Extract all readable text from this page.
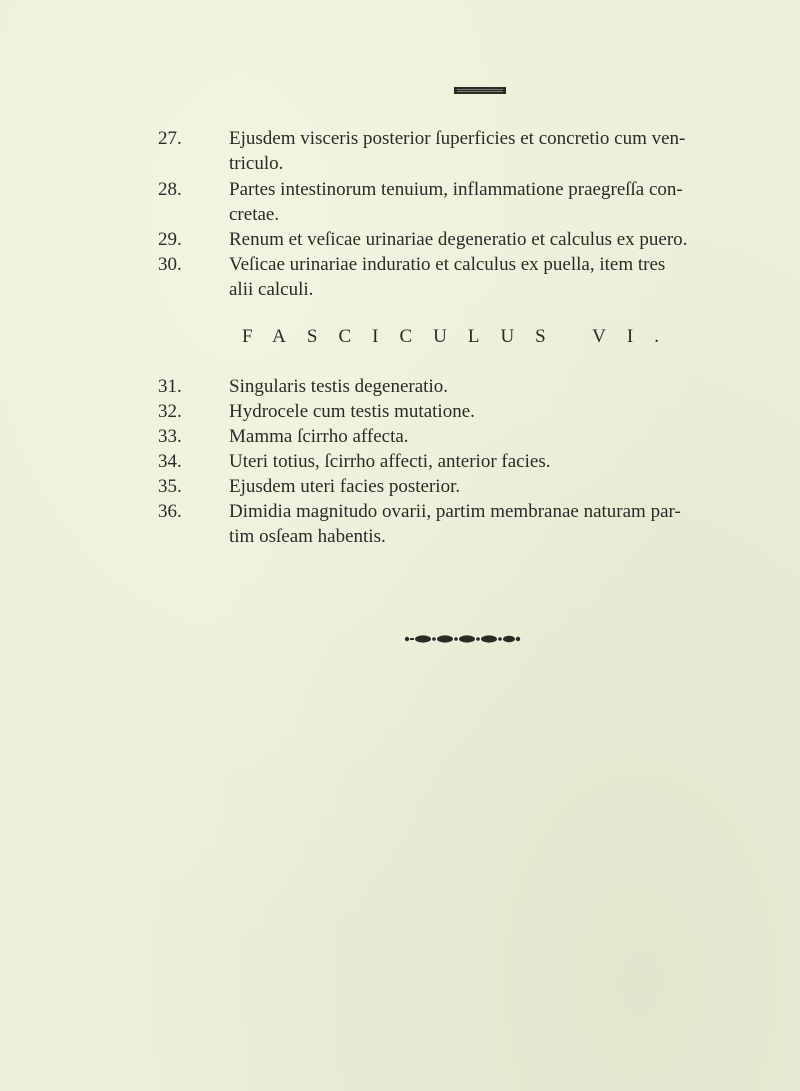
27.	Ejusdem visceris posterior ſuperficies et concretio cum ven-
triculo.
28.	Partes intestinorum tenuium, inflammatione praegreſſa con-
cretae.
29.	Renum et veſicae urinariae degeneratio et calculus ex puero.
30.	Veſicae urinariae induratio et calculus ex puella, item tres
alii calculi.
FASCICULUS VI.
31.	Singularis testis degeneratio.
32.	Hydrocele cum testis mutatione.
33.	Mamma ſcirrho affecta.
34.	Uteri totius, ſcirrho affecti, anterior facies.
35.	Ejusdem uteri facies posterior.
36.	Dimidia magnitudo ovarii, partim membranae naturam par-
tim osſeam habentis.
